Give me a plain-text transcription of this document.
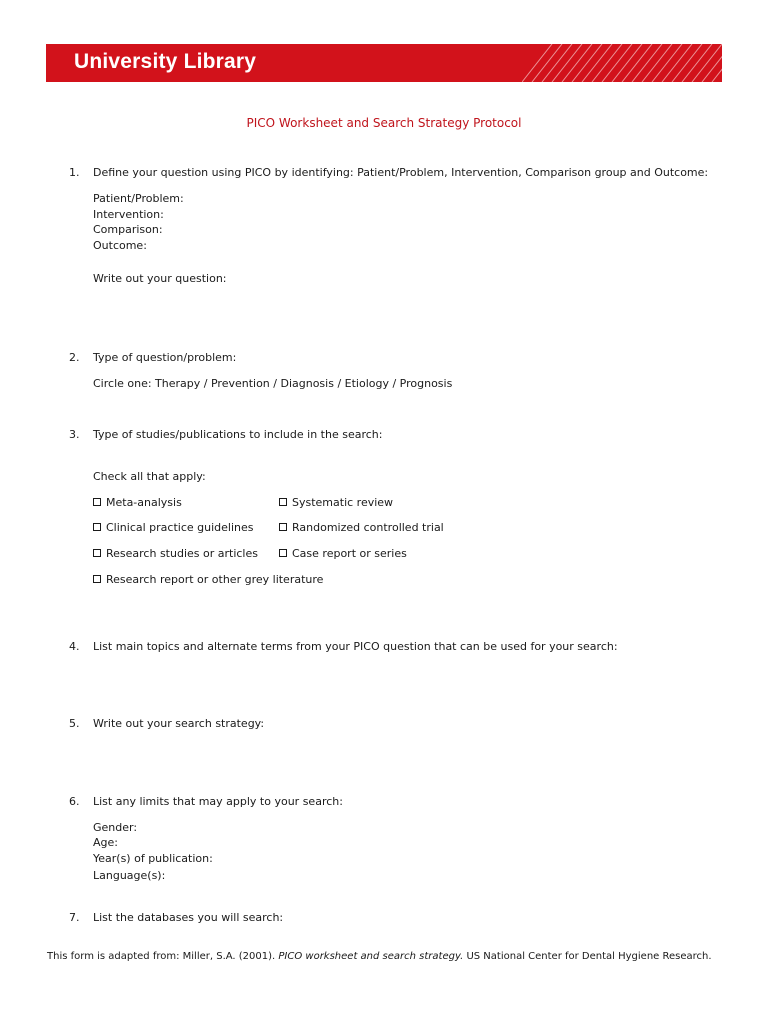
University Library
PICO Worksheet and Search Strategy Protocol
1. Define your question using PICO by identifying: Patient/Problem, Intervention, Comparison group and Outcome:
Patient/Problem:
Intervention:
Comparison:
Outcome:
Write out your question:
2. Type of question/problem:
Circle one: Therapy / Prevention / Diagnosis / Etiology / Prognosis
3. Type of studies/publications to include in the search:
Check all that apply:
Meta-analysis	Systematic review
Clinical practice guidelines	Randomized controlled trial
Research studies or articles	Case report or series
Research report or other grey literature
4. List main topics and alternate terms from your PICO question that can be used for your search:
5. Write out your search strategy:
6. List any limits that may apply to your search:
Gender:
Age:
Year(s) of publication:
Language(s):
7. List the databases you will search:
This form is adapted from: Miller, S.A. (2001). PICO worksheet and search strategy. US National Center for Dental Hygiene Research.
